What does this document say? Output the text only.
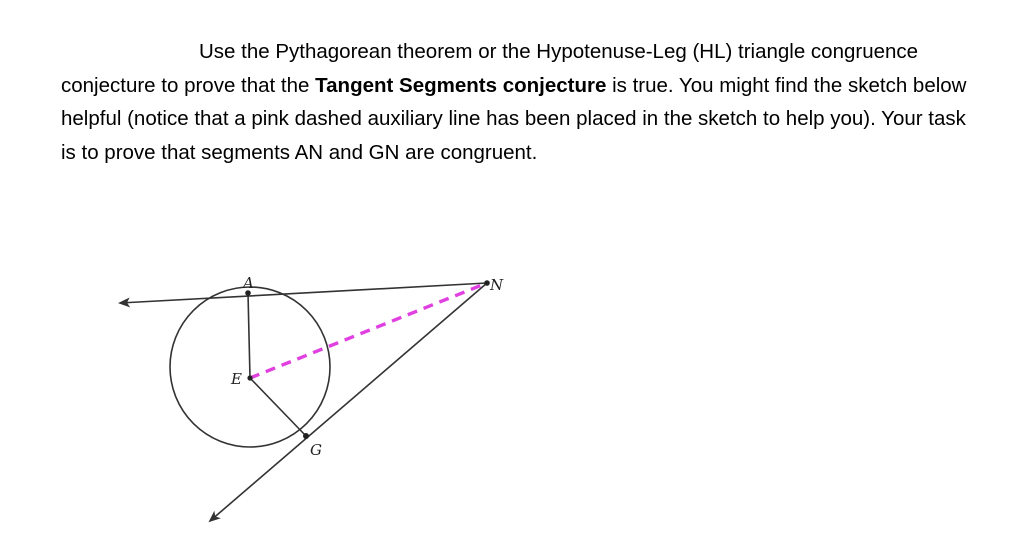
Use the Pythagorean theorem or the Hypotenuse-Leg (HL) triangle congruence conjecture to prove that the Tangent Segments conjecture is true. You might find the sketch below helpful (notice that a pink dashed auxiliary line has been placed in the sketch to help you). Your task is to prove that segments AN and GN are congruent.

A
E
G
N
